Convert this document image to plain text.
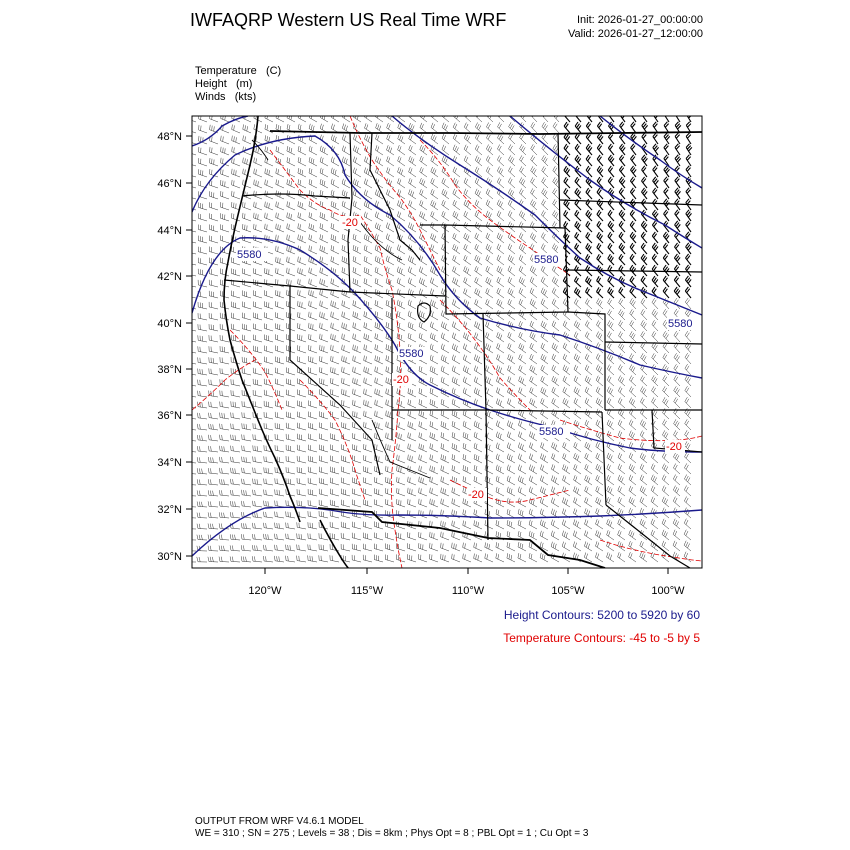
IWFAQRP Western US Real Time WRF	Init: 2026-01-27_00:00:00
Valid: 2026-01-27_12:00:00
Temperature (C)
Height (m)
Winds (kts)
48°N
46°N
44°N
42°N
40°N
38°N
36°N
34°N
32°N
30°N
120°W	115°W	110°W	105°W	100°W
5580
5580
5580
5580
5580
-20
-20
-20
-20
Height Contours: 5200 to 5920 by 60
Temperature Contours: -45 to -5 by 5
OUTPUT FROM WRF V4.6.1 MODEL
WE = 310 ; SN = 275 ; Levels = 38 ; Dis = 8km ; Phys Opt = 8 ; PBL Opt = 1 ; Cu Opt = 3
